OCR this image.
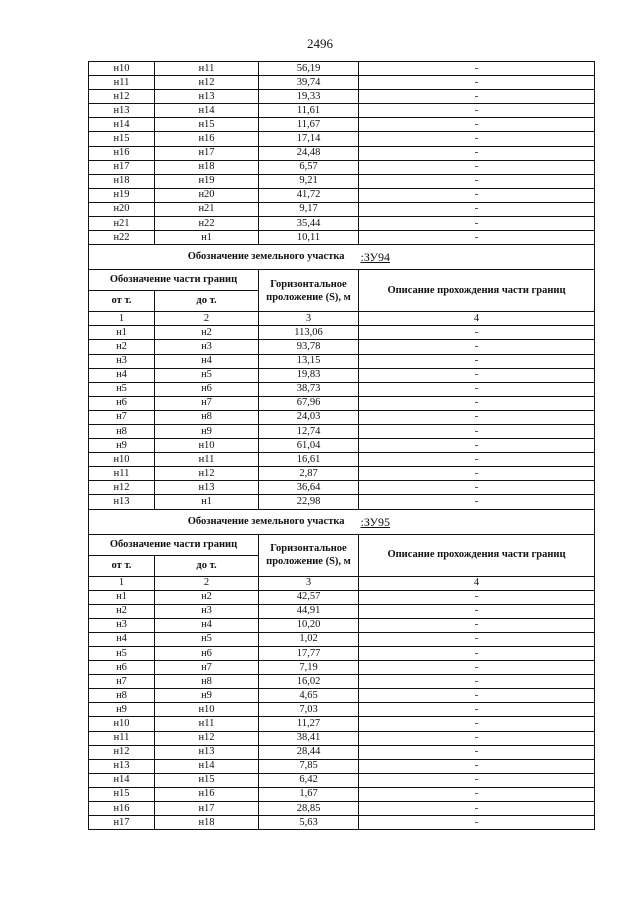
2496
н10	н11	56,19	-
н11	н12	39,74	-
н12	н13	19,33	-
н13	н14	11,61	-
н14	н15	11,67	-
н15	н16	17,14	-
н16	н17	24,48	-
н17	н18	6,57	-
н18	н19	9,21	-
н19	н20	41,72	-
н20	н21	9,17	-
н21	н22	35,44	-
н22	н1	10,11	-
Обозначение земельного участка			:ЗУ94
Обозначение части границ		Горизонтальное проложение (S), м	Описание прохождения части границ
от т.	до т.		
1	2	3	4
н1	н2	113,06	-
н2	н3	93,78	-
н3	н4	13,15	-
н4	н5	19,83	-
н5	н6	38,73	-
н6	н7	67,96	-
н7	н8	24,03	-
н8	н9	12,74	-
н9	н10	61,04	-
н10	н11	16,61	-
н11	н12	2,87	-
н12	н13	36,64	-
н13	н1	22,98	-
Обозначение земельного участка			:ЗУ95
Обозначение части границ		Горизонтальное проложение (S), м	Описание прохождения части границ
от т.	до т.		
1	2	3	4
н1	н2	42,57	-
н2	н3	44,91	-
н3	н4	10,20	-
н4	н5	1,02	-
н5	н6	17,77	-
н6	н7	7,19	-
н7	н8	16,02	-
н8	н9	4,65	-
н9	н10	7,03	-
н10	н11	11,27	-
н11	н12	38,41	-
н12	н13	28,44	-
н13	н14	7,85	-
н14	н15	6,42	-
н15	н16	1,67	-
н16	н17	28,85	-
н17	н18	5,63	-
